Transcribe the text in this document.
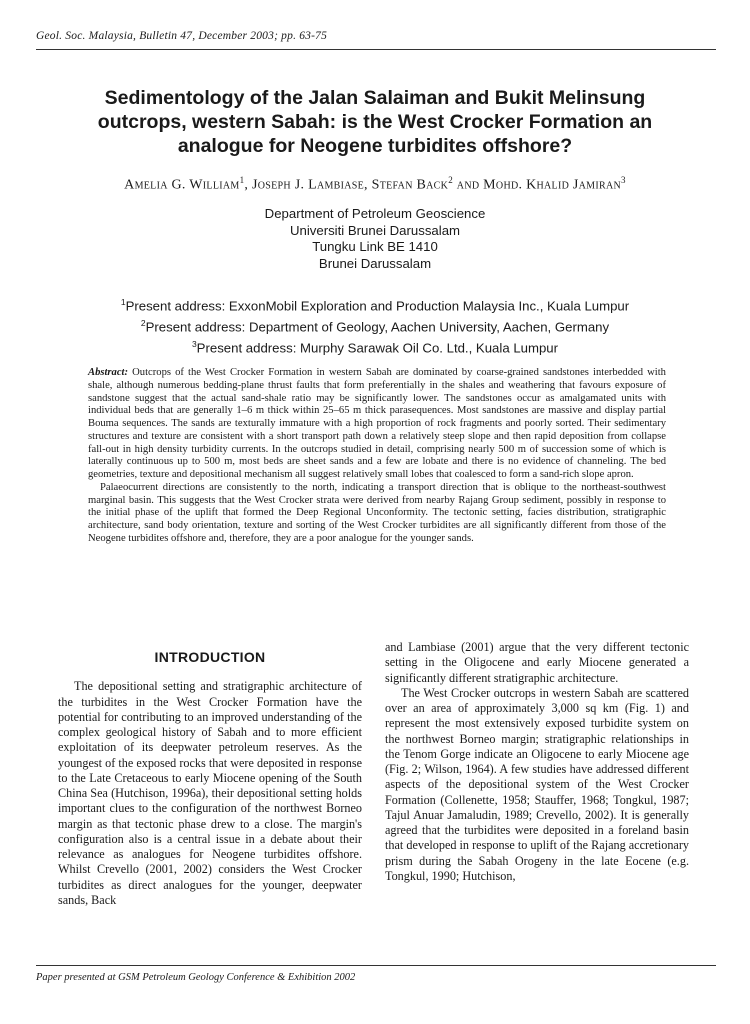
Geol. Soc. Malaysia, Bulletin 47, December 2003; pp. 63-75
Sedimentology of the Jalan Salaiman and Bukit Melinsung outcrops, western Sabah: is the West Crocker Formation an analogue for Neogene turbidites offshore?
Amelia G. William$^1$, Joseph J. Lambiase, Stefan Back$^2$ and Mohd. Khalid Jamiran$^3$
Department of Petroleum Geoscience
Universiti Brunei Darussalam
Tungku Link BE 1410
Brunei Darussalam
$^1$Present address: ExxonMobil Exploration and Production Malaysia Inc., Kuala Lumpur
$^2$Present address: Department of Geology, Aachen University, Aachen, Germany
$^3$Present address: Murphy Sarawak Oil Co. Ltd., Kuala Lumpur

Abstract: Outcrops of the West Crocker Formation in western Sabah are dominated by coarse-grained sandstones interbedded with shale, although numerous bedding-plane thrust faults that form preferentially in the shales and weathering that favours exposure of sandstone suggest that the actual sand-shale ratio may be significantly lower. The sandstones occur as amalgamated units with individual beds that are generally 1–6 m thick within 25–65 m thick parasequences. Most sandstones are massive and display partial Bouma sequences. The sands are texturally immature with a high proportion of rock fragments and poorly sorted. Their sedimentary structures and texture are consistent with a short transport path down a relatively steep slope and then rapid deposition from collapse fall-out in high density turbidity currents. In the outcrops studied in detail, comprising nearly 500 m of succession some of which is laterally continuous up to 500 m, most beds are sheet sands and a few are lobate and there is no evidence of channeling. The bed geometries, texture and depositional mechanism all suggest relatively small lobes that coalesced to form a sand-rich slope apron.

Palaeocurrent directions are consistently to the north, indicating a transport direction that is oblique to the northeast-southwest marginal basin. This suggests that the West Crocker strata were derived from nearby Rajang Group sediment, possibly in response to the initial phase of the uplift that formed the Deep Regional Unconformity. The tectonic setting, facies distribution, stratigraphic architecture, sand body orientation, texture and sorting of the West Crocker turbidites are all significantly different from those of the Neogene turbidites offshore and, therefore, they are a poor analogue for the younger sands.

INTRODUCTION

The depositional setting and stratigraphic architecture of the turbidites in the West Crocker Formation have the potential for contributing to an improved understanding of the complex geological history of Sabah and to more efficient exploitation of its deepwater petroleum reserves. As the youngest of the exposed rocks that were deposited in response to the Late Cretaceous to early Miocene opening of the South China Sea (Hutchison, 1996a), their depositional setting holds important clues to the configuration of the northwest Borneo margin as that tectonic phase drew to a close. The margin's configuration also is a central issue in a debate about their relevance as analogues for Neogene turbidites offshore. Whilst Crevello (2001, 2002) considers the West Crocker turbidites as direct analogues for the younger, deepwater sands, Back

and Lambiase (2001) argue that the very different tectonic setting in the Oligocene and early Miocene generated a significantly different stratigraphic architecture.

The West Crocker outcrops in western Sabah are scattered over an area of approximately 3,000 sq km (Fig. 1) and represent the most extensively exposed turbidite system on the northwest Borneo margin; stratigraphic relationships in the Tenom Gorge indicate an Oligocene to early Miocene age (Fig. 2; Wilson, 1964). A few studies have addressed different aspects of the depositional system of the West Crocker Formation (Collenette, 1958; Stauffer, 1968; Tongkul, 1987; Tajul Anuar Jamaludin, 1989; Crevello, 2002). It is generally agreed that the turbidites were deposited in a foreland basin that developed in response to uplift of the Rajang accretionary prism during the Sabah Orogeny in the late Eocene (e.g. Tongkul, 1990; Hutchison,

Paper presented at GSM Petroleum Geology Conference & Exhibition 2002
